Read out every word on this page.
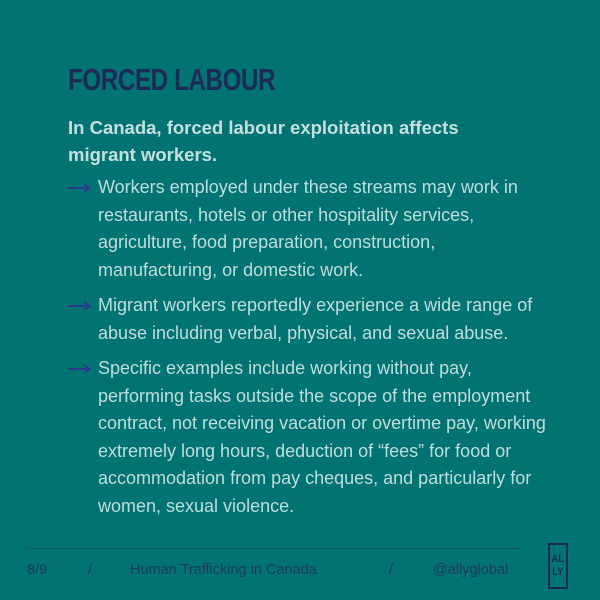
FORCED LABOUR

In Canada, forced labour exploitation affects migrant workers.

Workers employed under these streams may work in restaurants, hotels or other hospitality services, agriculture, food preparation, construction, manufacturing, or domestic work.
Migrant workers reportedly experience a wide range of abuse including verbal, physical, and sexual abuse.
Specific examples include working without pay, performing tasks outside the scope of the employment contract, not receiving vacation or overtime pay, working extremely long hours, deduction of “fees” for food or accommodation from pay cheques, and particularly for women, sexual violence.
8/9	/	Human Trafficking in Canada	/	@allyglobal
AL
LY
